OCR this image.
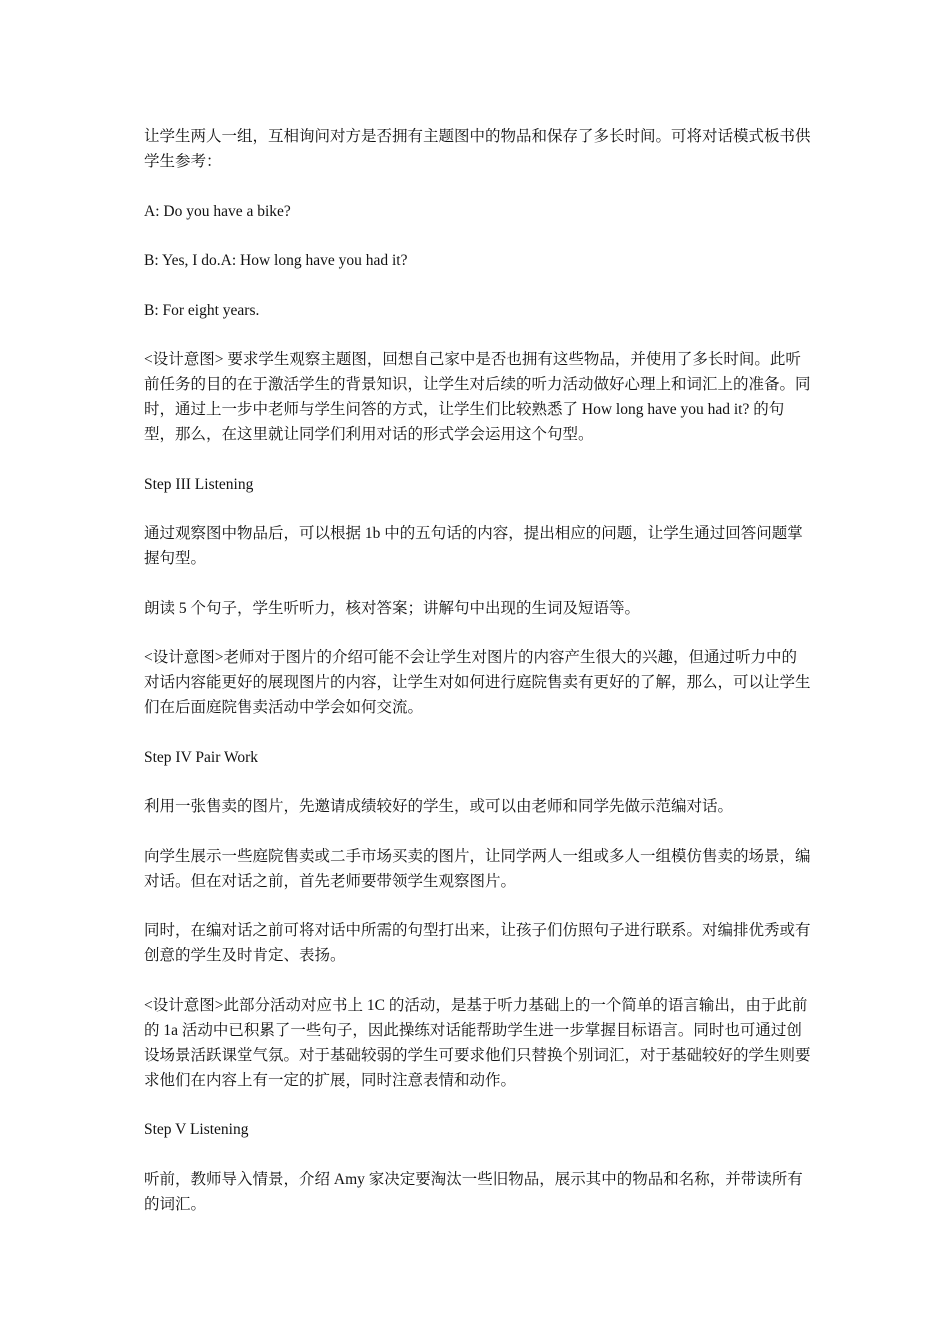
让学生两人一组，互相询问对方是否拥有主题图中的物品和保存了多长时间。可将对话模式板书供学生参考：

A: Do you have a bike?

B: Yes, I do.A: How long have you had it?

B: For eight years.

<设计意图> 要求学生观察主题图，回想自己家中是否也拥有这些物品，并使用了多长时间。此听前任务的目的在于激活学生的背景知识，让学生对后续的听力活动做好心理上和词汇上的准备。同时，通过上一步中老师与学生问答的方式，让学生们比较熟悉了 How long have you had it? 的句型，那么，在这里就让同学们利用对话的形式学会运用这个句型。

Step III Listening

通过观察图中物品后，可以根据 1b 中的五句话的内容，提出相应的问题，让学生通过回答问题掌握句型。

朗读 5 个句子，学生听听力，核对答案；讲解句中出现的生词及短语等。

<设计意图>老师对于图片的介绍可能不会让学生对图片的内容产生很大的兴趣，但通过听力中的对话内容能更好的展现图片的内容，让学生对如何进行庭院售卖有更好的了解，那么，可以让学生们在后面庭院售卖活动中学会如何交流。

Step IV Pair Work

利用一张售卖的图片，先邀请成绩较好的学生，或可以由老师和同学先做示范编对话。

向学生展示一些庭院售卖或二手市场买卖的图片，让同学两人一组或多人一组模仿售卖的场景，编对话。但在对话之前，首先老师要带领学生观察图片。

同时，在编对话之前可将对话中所需的句型打出来，让孩子们仿照句子进行联系。对编排优秀或有创意的学生及时肯定、表扬。

<设计意图>此部分活动对应书上 1C 的活动，是基于听力基础上的一个简单的语言输出，由于此前的 1a 活动中已积累了一些句子，因此操练对话能帮助学生进一步掌握目标语言。同时也可通过创设场景活跃课堂气氛。对于基础较弱的学生可要求他们只替换个别词汇，对于基础较好的学生则要求他们在内容上有一定的扩展，同时注意表情和动作。

Step V Listening

听前，教师导入情景，介绍 Amy 家决定要淘汰一些旧物品，展示其中的物品和名称，并带读所有的词汇。
